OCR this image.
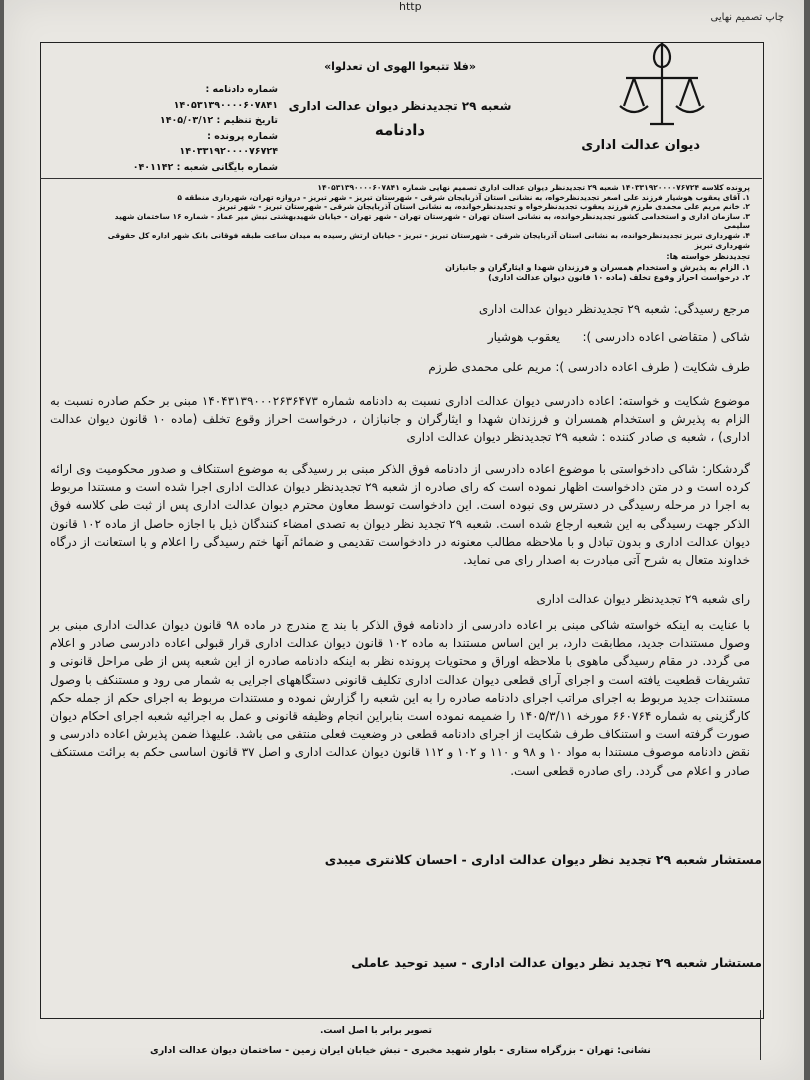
http
چاپ تصمیم نهایی
دیوان عدالت اداری
«فلا تتبعوا الهوی ان تعدلوا»
شعبه ۲۹ تجدیدنظر دیوان عدالت اداری
دادنامه
شماره دادنامه : ۱۴۰۵۳۱۳۹۰۰۰۰۶۰۷۸۴۱
تاریخ تنظیم : ۱۴۰۵/۰۳/۱۲
شماره پرونده : ۱۴۰۳۳۱۹۲۰۰۰۰۷۶۷۲۴
شماره بایگانی شعبه : ۰۴۰۱۱۴۲
پرونده کلاسه ۱۴۰۳۳۱۹۲۰۰۰۰۷۶۷۲۴ شعبه ۲۹ تجدیدنظر دیوان عدالت اداری تصمیم نهایی شماره ۱۴۰۵۳۱۳۹۰۰۰۰۶۰۷۸۴۱
۱. آقای یعقوب هوشیار فرزند علی اصغر تجدیدنظرخواه، به نشانی استان آذربایجان شرقی - شهرستان تبریز - شهر تبریز - دروازه تهران، شهرداری منطقه ۵
۲. خانم مریم علی محمدی طرزم فرزند یعقوب تجدیدنظرخواه و تجدیدنظرخوانده، به نشانی استان آذربایجان شرقی - شهرستان تبریز - شهر تبریز
۳. سازمان اداری و استخدامی کشور تجدیدنظرخوانده، به نشانی استان تهران - شهرستان تهران - شهر تهران - خیابان شهیدبهشتی نبش میر عماد - شماره ۱۶ ساختمان شهید سلیمی
۴. شهرداری تبریز تجدیدنظرخوانده، به نشانی استان آذربایجان شرقی - شهرستان تبریز - تبریز - خیابان ارتش رسیده به میدان ساعت طبقه فوقانی بانک شهر اداره کل حقوقی شهرداری تبریز
تجدیدنظر خواسته ها:
۱. الزام به پذیرش و استخدام همسران و فرزندان شهدا و ایثارگران و جانبازان
۲. درخواست احراز وقوع تخلف (ماده ۱۰ قانون دیوان عدالت اداری)
مرجع رسیدگی: شعبه ۲۹ تجدیدنظر دیوان عدالت اداری
شاکی ( متقاضی اعاده دادرسی ):
یعقوب هوشیار
طرف شکایت ( طرف اعاده دادرسی ): مریم علی محمدی طرزم
موضوع شکایت و خواسته: اعاده دادرسی دیوان عدالت اداری نسبت به دادنامه شماره ۱۴۰۴۳۱۳۹۰۰۰۲۶۳۶۴۷۳ مبنی بر حکم صادره نسبت به الزام به پذیرش و استخدام همسران و فرزندان شهدا و ایثارگران و جانبازان ، درخواست احراز وقوع تخلف (ماده ۱۰ قانون دیوان عدالت اداری) ، شعبه ی صادر کننده : شعبه ۲۹ تجدیدنظر دیوان عدالت اداری
گردشکار: شاکی دادخواستی با موضوع اعاده دادرسی از دادنامه فوق الذکر مبنی بر رسیدگی به موضوع استنکاف و صدور محکومیت وی ارائه کرده است و در متن دادخواست اظهار نموده است که رای صادره از شعبه ۲۹ تجدیدنظر دیوان عدالت اداری اجرا شده است و مستندا مربوط به اجرا در مرحله رسیدگی در دسترس وی نبوده است. این دادخواست توسط معاون محترم دیوان عدالت اداری پس از ثبت طی کلاسه فوق الذکر جهت رسیدگی به این شعبه ارجاع شده است. شعبه ۲۹ تجدید نظر دیوان به تصدی امضاء کنندگان ذیل با اجازه حاصل از ماده ۱۰۲ قانون دیوان عدالت اداری و بدون تبادل و با ملاحظه مطالب معنونه در دادخواست تقدیمی و ضمائم آنها ختم رسیدگی را اعلام و با استعانت از درگاه خداوند متعال به شرح آتی مبادرت به اصدار رای می نماید.
رای شعبه ۲۹ تجدیدنظر دیوان عدالت اداری
با عنایت به اینکه خواسته شاکی مبنی بر اعاده دادرسی از دادنامه فوق الذکر با بند ج مندرج در ماده ۹۸ قانون دیوان عدالت اداری مبنی بر وصول مستندات جدید، مطابقت دارد، بر این اساس مستندا به ماده ۱۰۲ قانون دیوان عدالت اداری قرار قبولی اعاده دادرسی صادر و اعلام می گردد. در مقام رسیدگی ماهوی با ملاحظه اوراق و محتویات پرونده نظر به اینکه دادنامه صادره از این شعبه پس از طی مراحل قانونی و تشریفات قطعیت یافته است و اجرای آرای قطعی دیوان عدالت اداری تکلیف قانونی دستگاههای اجرایی به شمار می رود و مستنکف با وصول مستندات جدید مربوط به اجرای مراتب اجرای دادنامه صادره را به این شعبه را گزارش نموده و مستندات مربوط به اجرای حکم از جمله حکم کارگزینی به شماره ۶۶۰۷۶۴ مورخه ۱۴۰۵/۳/۱۱ را ضمیمه نموده است بنابراین انجام وظیفه قانونی و عمل به اجرائیه شعبه اجرای احکام دیوان صورت گرفته است و استنکاف طرف شکایت از اجرای دادنامه قطعی در وضعیت فعلی منتفی می باشد. علیهذا ضمن پذیرش اعاده دادرسی و نقض دادنامه موصوف مستندا به مواد ۱۰ و ۹۸ و ۱۱۰ و ۱۰۲ و ۱۱۲ قانون دیوان عدالت اداری و اصل ۳۷ قانون اساسی حکم به برائت مستنکف صادر و اعلام می گردد. رای صادره قطعی است.
مستشار شعبه ۲۹ تجدید نظر دیوان عدالت اداری - احسان کلانتری میبدی
مستشار شعبه ۲۹ تجدید نظر دیوان عدالت اداری - سید توحید عاملی
تصویر برابر با اصل است.
نشانی: تهران - بزرگراه ستاری - بلوار شهید مخبری - نبش خیابان ایران زمین - ساختمان دیوان عدالت اداری
